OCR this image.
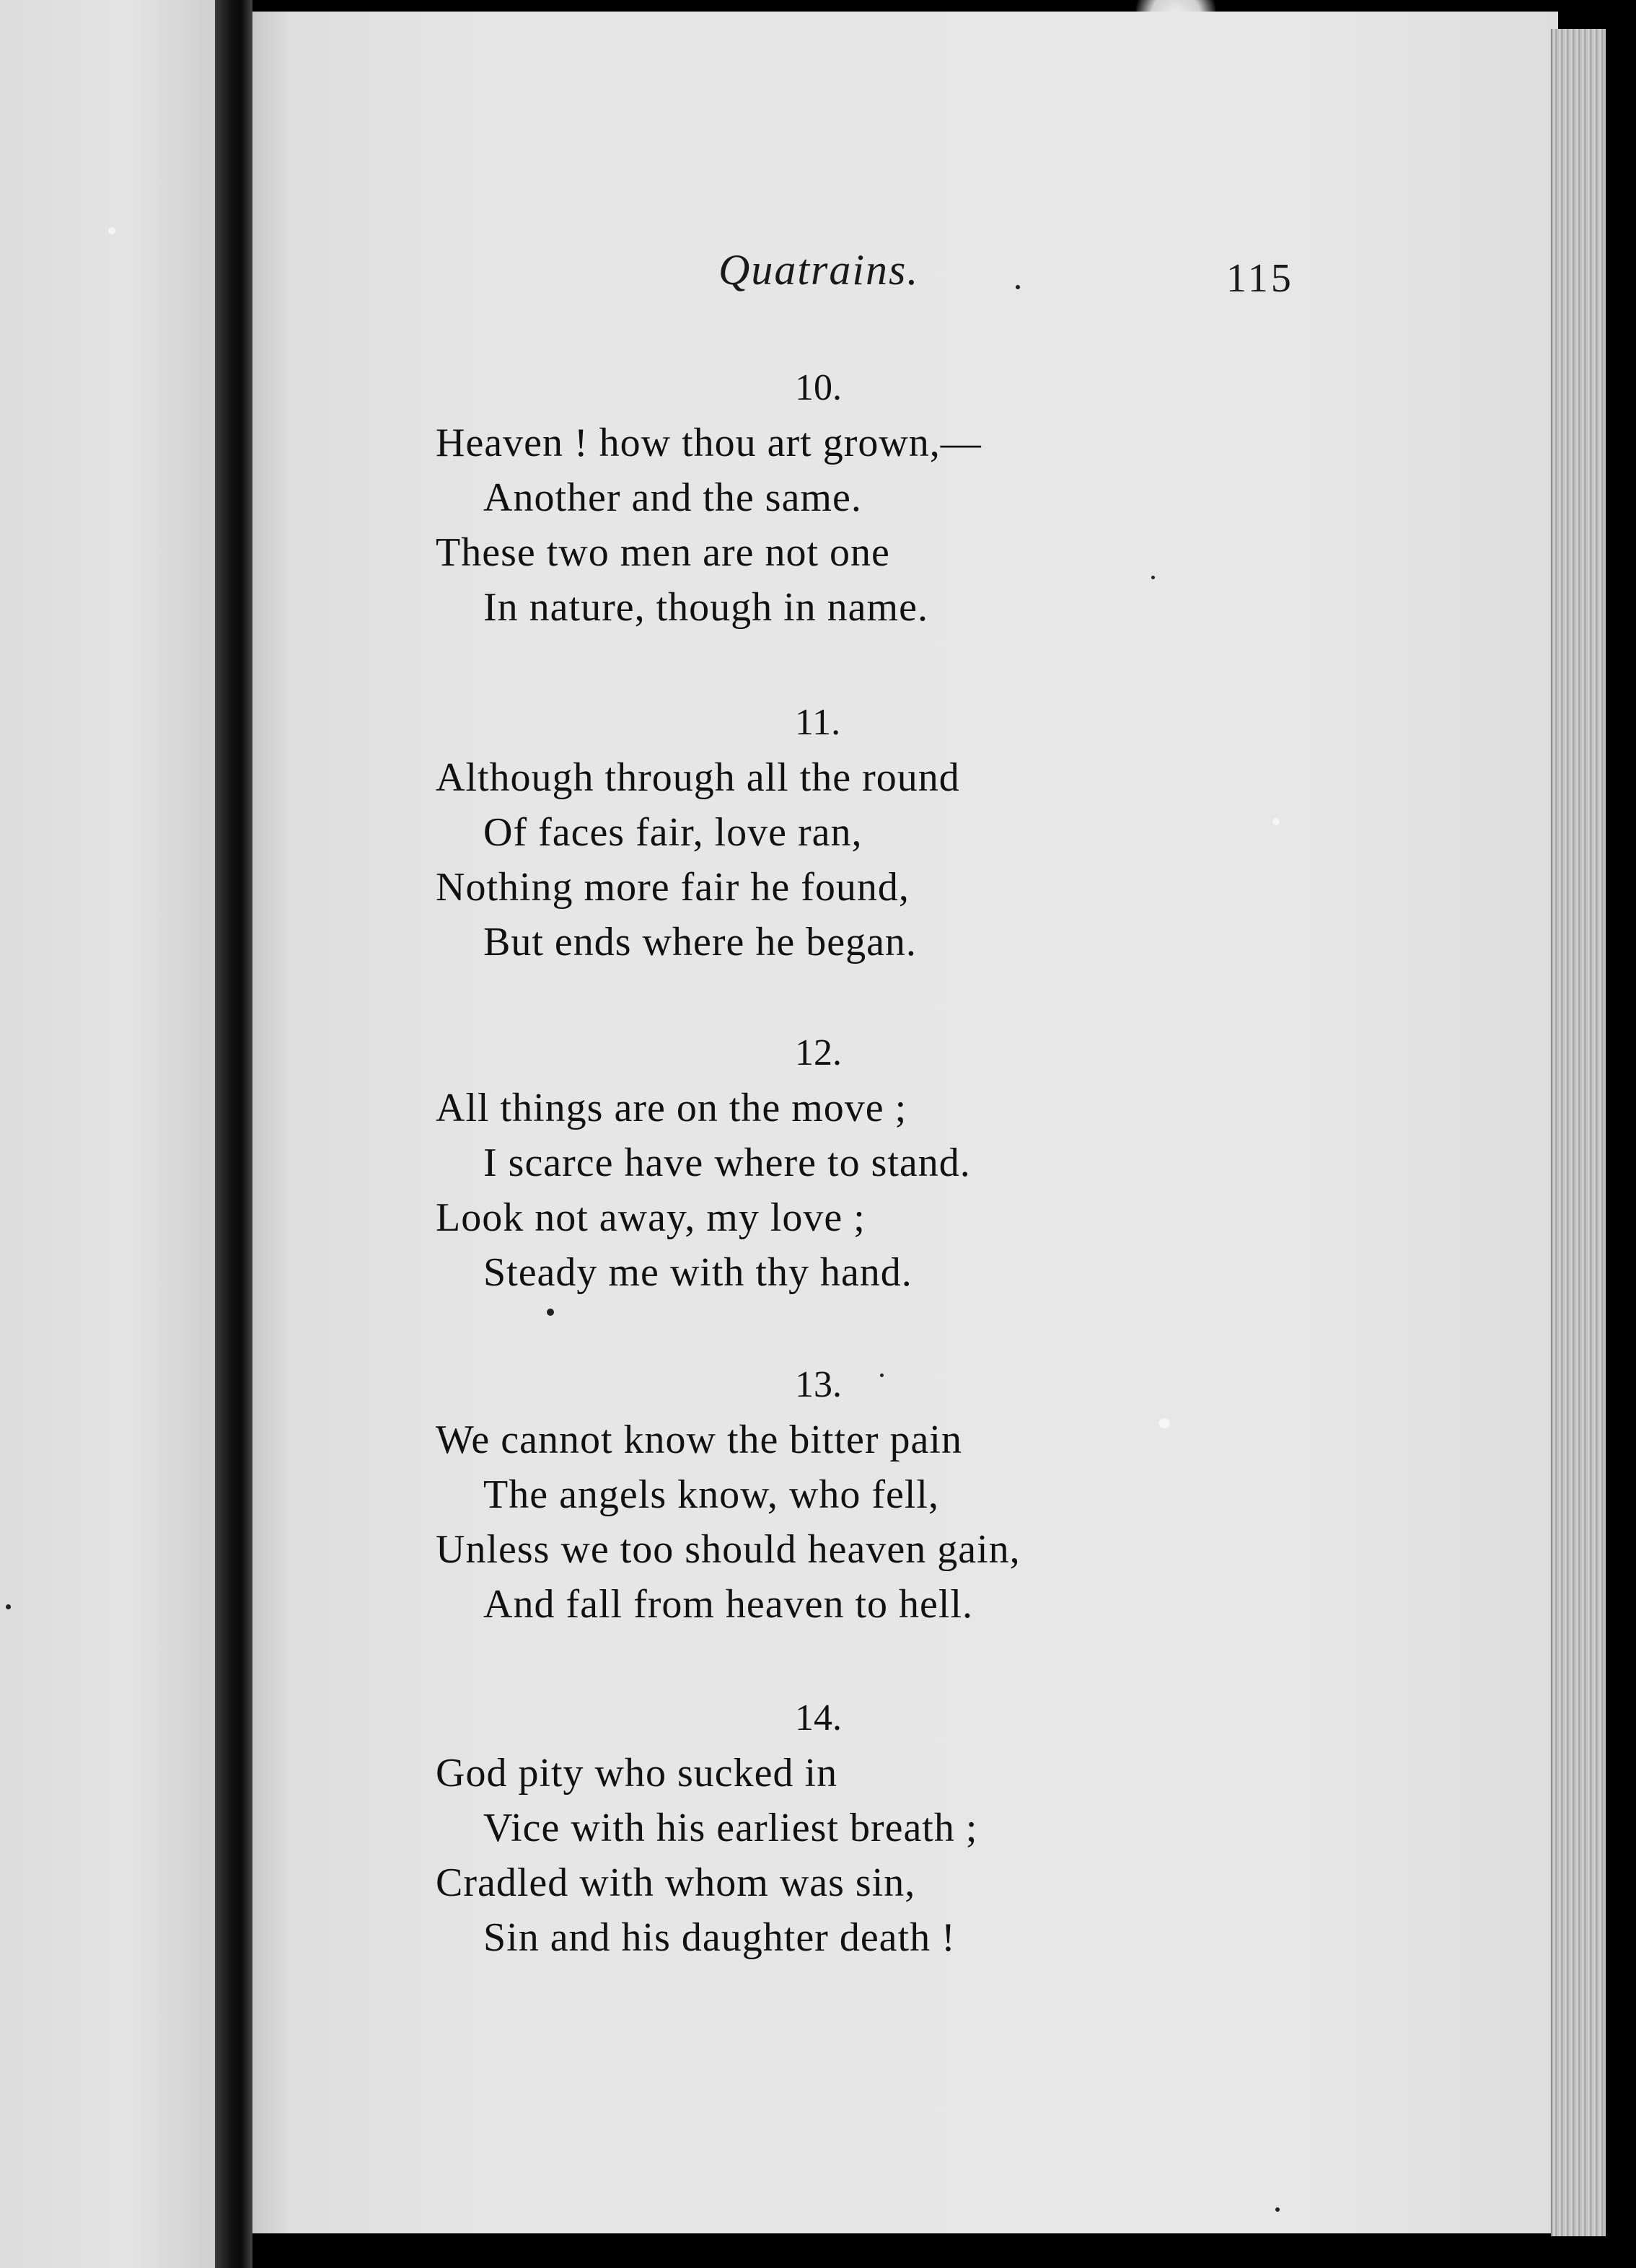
Quatrains.	115
10.
Heaven ! how thou art grown,—
Another and the same.
These two men are not one
In nature, though in name.
11.
Although through all the round
Of faces fair, love ran,
Nothing more fair he found,
But ends where he began.
12.
All things are on the move ;
I scarce have where to stand.
Look not away, my love ;
Steady me with thy hand.
13.
We cannot know the bitter pain
The angels know, who fell,
Unless we too should heaven gain,
And fall from heaven to hell.
14.
God pity who sucked in
Vice with his earliest breath ;
Cradled with whom was sin,
Sin and his daughter death !
